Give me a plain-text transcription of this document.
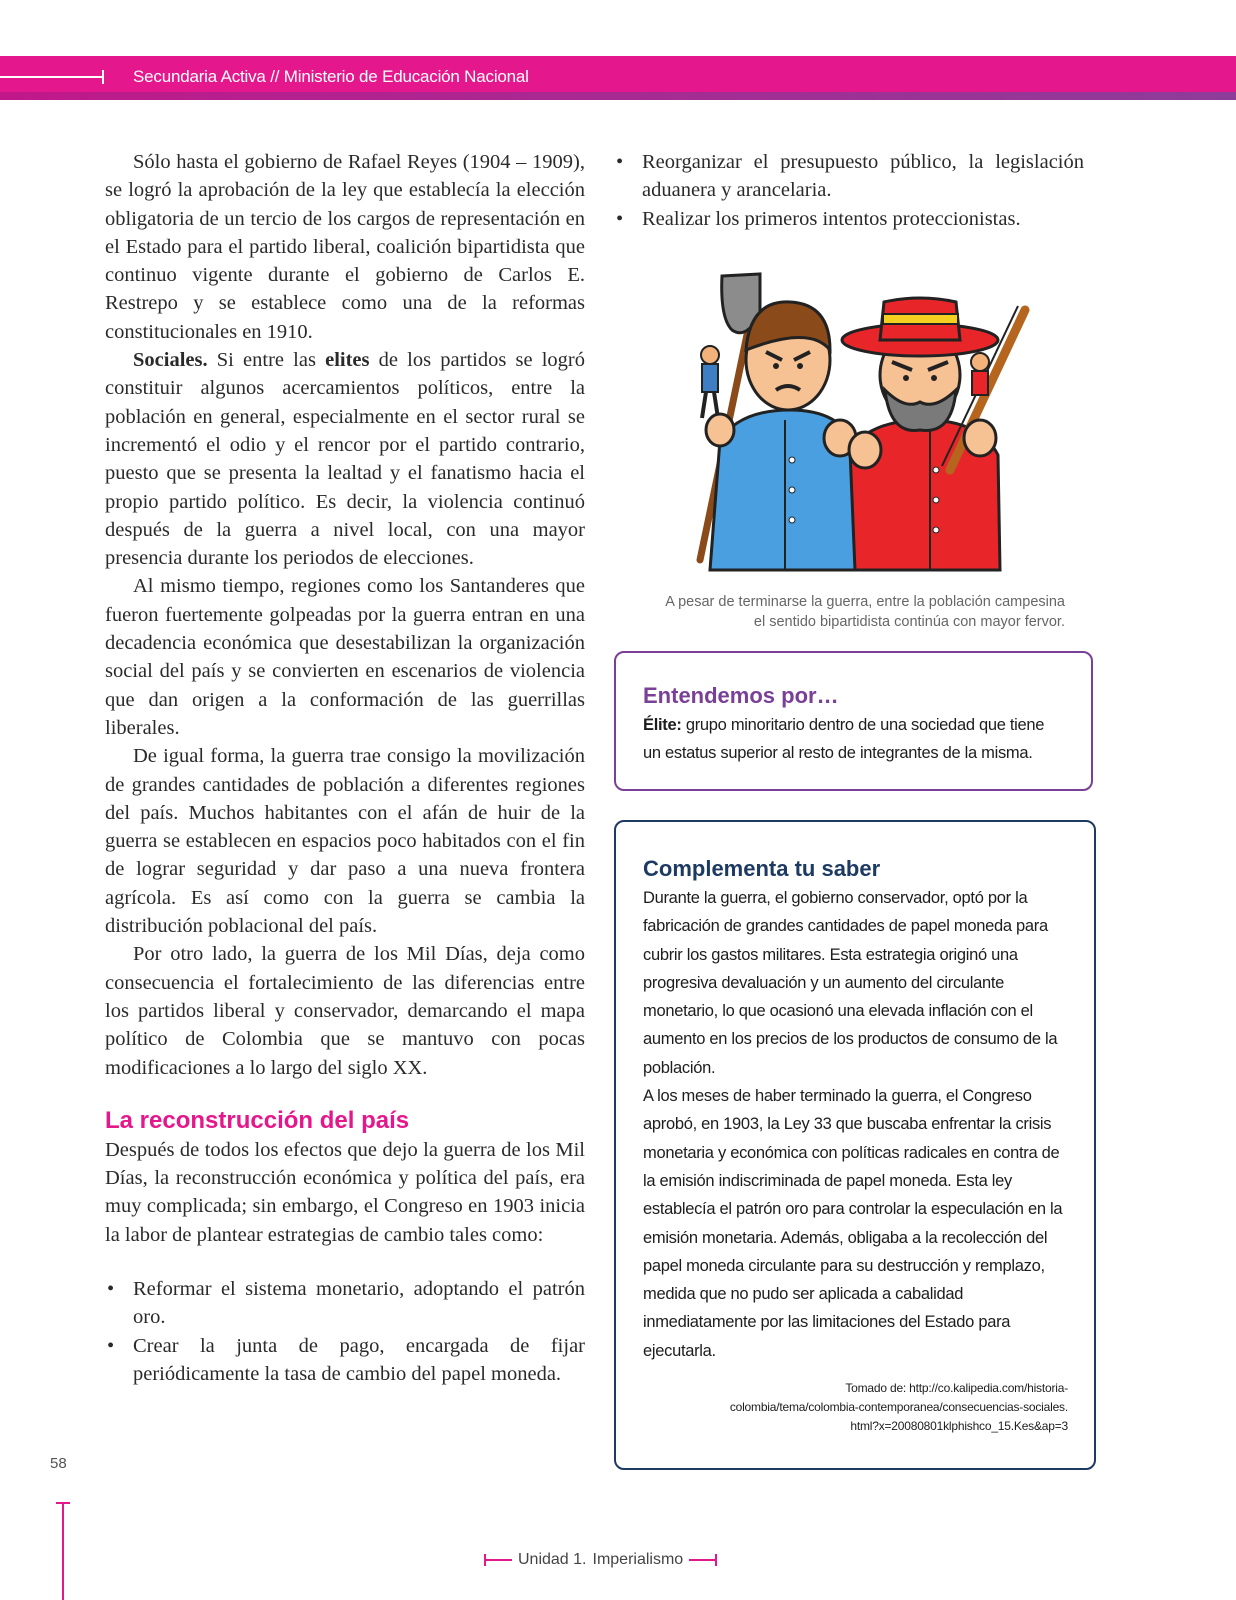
Secundaria Activa // Ministerio de Educación Nacional

Sólo hasta el gobierno de Rafael Reyes (1904 – 1909), se logró la aprobación de la ley que establecía la elección obligatoria de un tercio de los cargos de representación en el Estado para el partido liberal, coalición bipartidista que continuo vigente durante el gobierno de Carlos E. Restrepo y se establece como una de la reformas constitucionales en 1910.

Sociales. Si entre las elites de los partidos se logró constituir algunos acercamientos políticos, entre la población en general, especialmente en el sector rural se incrementó el odio y el rencor por el partido contrario, puesto que se presenta la lealtad y el fanatismo hacia el propio partido político. Es decir, la violencia continuó después de la guerra a nivel local, con una mayor presencia durante los periodos de elecciones.

Al mismo tiempo, regiones como los Santanderes que fueron fuertemente golpeadas por la guerra entran en una decadencia económica que desestabilizan la organización social del país y se convierten en escenarios de violencia que dan origen a la conformación de las guerrillas liberales.

De igual forma, la guerra trae consigo la movilización de grandes cantidades de población a diferentes regiones del país. Muchos habitantes con el afán de huir de la guerra se establecen en espacios poco habitados con el fin de lograr seguridad y dar paso a una nueva frontera agrícola. Es así como con la guerra se cambia la distribución poblacional del país.

Por otro lado, la guerra de los Mil Días, deja como consecuencia el fortalecimiento de las diferencias entre los partidos liberal y conservador, demarcando el mapa político de Colombia que se mantuvo con pocas modificaciones a lo largo del siglo XX.

La reconstrucción del país

Después de todos los efectos que dejo la guerra de los Mil Días, la reconstrucción económica y política del país, era muy complicada; sin embargo, el Congreso en 1903 inicia la labor de plantear estrategias de cambio tales como:

• Reformar el sistema monetario, adoptando el patrón oro.
• Crear la junta de pago, encargada de fijar periódicamente la tasa de cambio del papel moneda.
• Reorganizar el presupuesto público, la legislación aduanera y arancelaria.
• Realizar los primeros intentos proteccionistas.
A pesar de terminarse la guerra, entre la población campesina
el sentido bipartidista continúa con mayor fervor.
Entendemos por…

Élite: grupo minoritario dentro de una sociedad que tiene un estatus superior al resto de integrantes de la misma.

Complementa tu saber
Durante la guerra, el gobierno conservador, optó por la fabricación de grandes cantidades de papel moneda para cubrir los gastos militares. Esta estrategia originó una progresiva devaluación y un aumento del circulante monetario, lo que ocasionó una elevada inflación con el aumento en los precios de los productos de consumo de la población.
A los meses de haber terminado la guerra, el Congreso aprobó, en 1903, la Ley 33 que buscaba enfrentar la crisis monetaria y económica con políticas radicales en contra de la emisión indiscriminada de papel moneda. Esta ley establecía el patrón oro para controlar la especulación en la emisión monetaria. Además, obligaba a la recolección del papel moneda circulante para su destrucción y remplazo, medida que no pudo ser aplicada a cabalidad inmediatamente por las limitaciones del Estado para ejecutarla.
Tomado de: http://co.kalipedia.com/historia-
colombia/tema/colombia-contemporanea/consecuencias-sociales.
html?x=20080801klphishco_15.Kes&ap=3
58
Unidad 1. Imperialismo
